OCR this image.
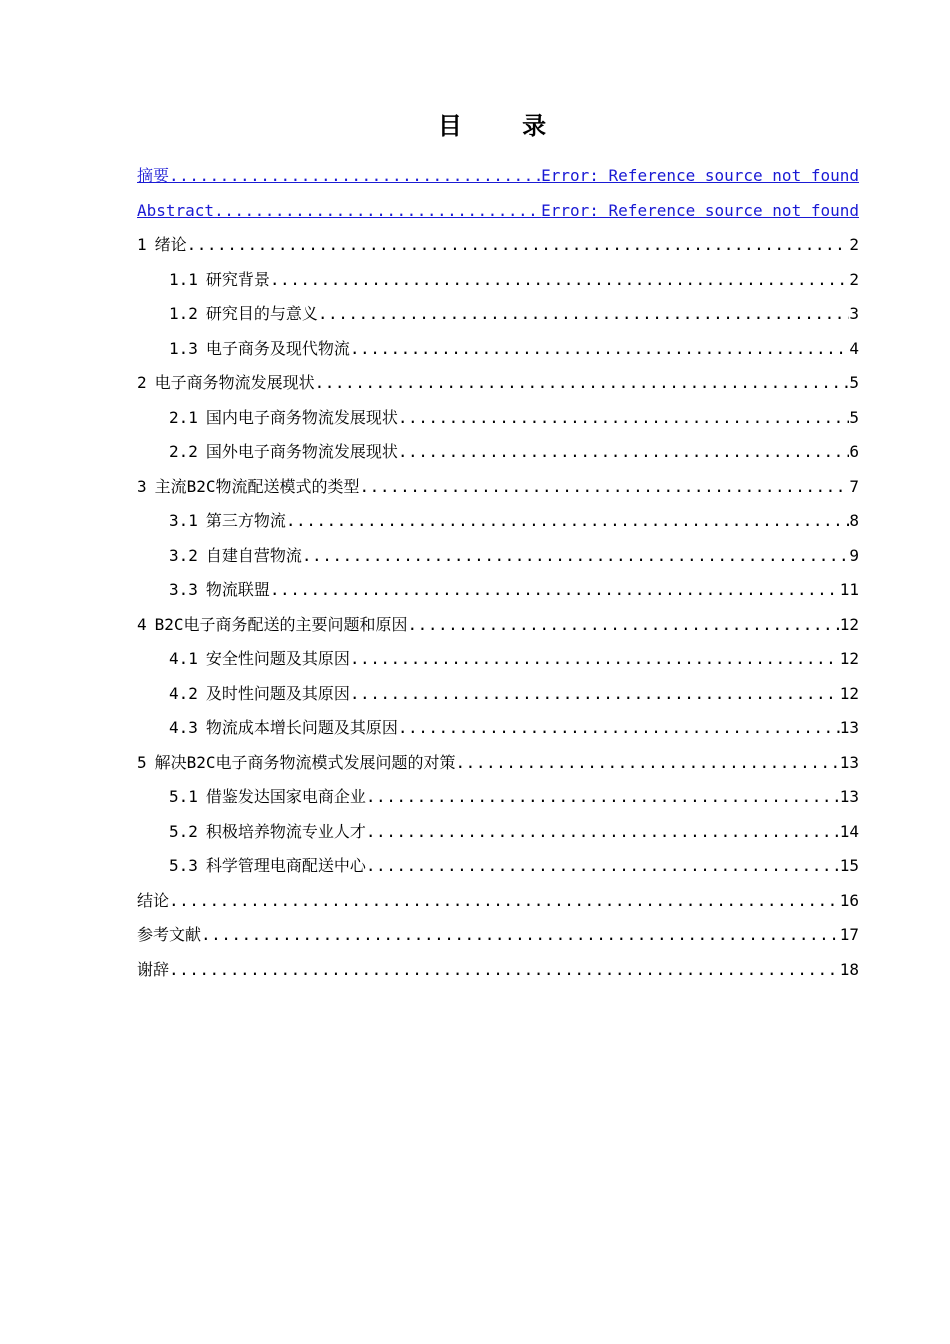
目 录
摘要 .....	Error: Reference source not found
Abstract .....	Error: Reference source not found
1 绪论 .....	2
1.1 研究背景 .....	2
1.2 研究目的与意义 .....	3
1.3 电子商务及现代物流 .....	4
2 电子商务物流发展现状 .....	5
2.1 国内电子商务物流发展现状 .....	5
2.2 国外电子商务物流发展现状 .....	6
3 主流B2C物流配送模式的类型 .....	7
3.1 第三方物流 .....	8
3.2 自建自营物流 .....	9
3.3 物流联盟 .....	11
4 B2C电子商务配送的主要问题和原因 .....	12
4.1 安全性问题及其原因 .....	12
4.2 及时性问题及其原因 .....	12
4.3 物流成本增长问题及其原因 .....	13
5 解决B2C电子商务物流模式发展问题的对策 .....	13
5.1 借鉴发达国家电商企业 .....	13
5.2 积极培养物流专业人才 .....	14
5.3 科学管理电商配送中心 .....	15
结论 .....	16
参考文献 .....	17
谢辞 .....	18
